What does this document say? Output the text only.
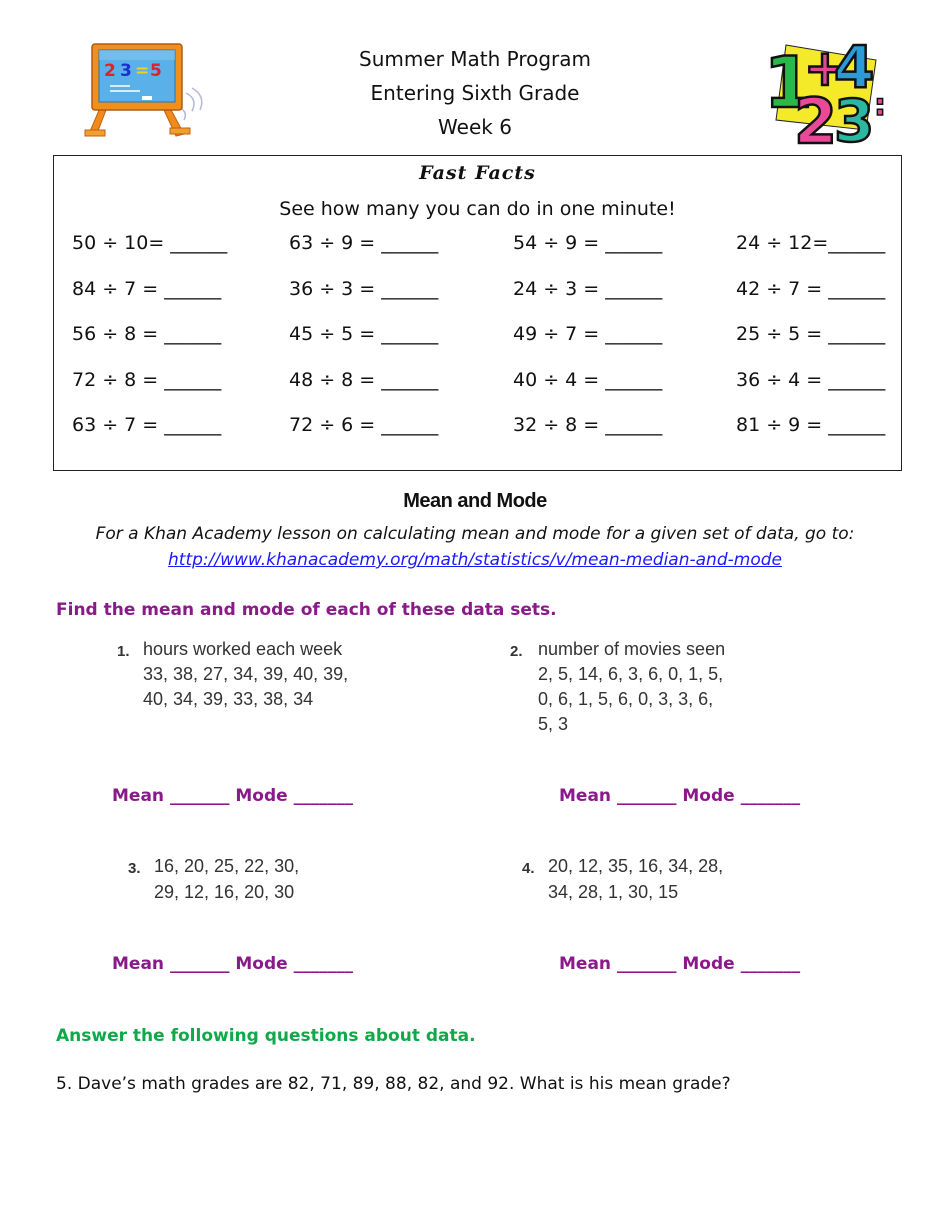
2 3 = 5	Summer Math Program
Entering Sixth Grade
Week 6
1
+
4
2
3 :
Fast Facts
See how many you can do in one minute!
50 ÷ 10= ______	63 ÷ 9 = ______	54 ÷ 9 = ______	24 ÷ 12=______
84 ÷ 7 = ______	36 ÷ 3 = ______	24 ÷ 3 = ______	42 ÷ 7 = ______
56 ÷ 8 = ______	45 ÷ 5 = ______	49 ÷ 7 = ______	25 ÷ 5 = ______
72 ÷ 8 = ______	48 ÷ 8 = ______	40 ÷ 4 = ______	36 ÷ 4 = ______
63 ÷ 7 = ______	72 ÷ 6 = ______	32 ÷ 8 = ______	81 ÷ 9 = ______
Mean and Mode
For a Khan Academy lesson on calculating mean and mode for a given set of data, go to:
http://www.khanacademy.org/math/statistics/v/mean-median-and-mode
Find the mean and mode of each of these data sets.
1. hours worked each week
33, 38, 27, 34, 39, 40, 39,
40, 34, 39, 33, 38, 34
2. number of movies seen
2, 5, 14, 6, 3, 6, 0, 1, 5,
0, 6, 1, 5, 6, 0, 3, 3, 6,
5, 3
Mean _______ Mode _______	Mean _______ Mode _______
3. 16, 20, 25, 22, 30,
29, 12, 16, 20, 30
4. 20, 12, 35, 16, 34, 28,
34, 28, 1, 30, 15
Mean _______ Mode _______	Mean _______ Mode _______
Answer the following questions about data.
5. Dave’s math grades are 82, 71, 89, 88, 82, and 92. What is his mean grade?
